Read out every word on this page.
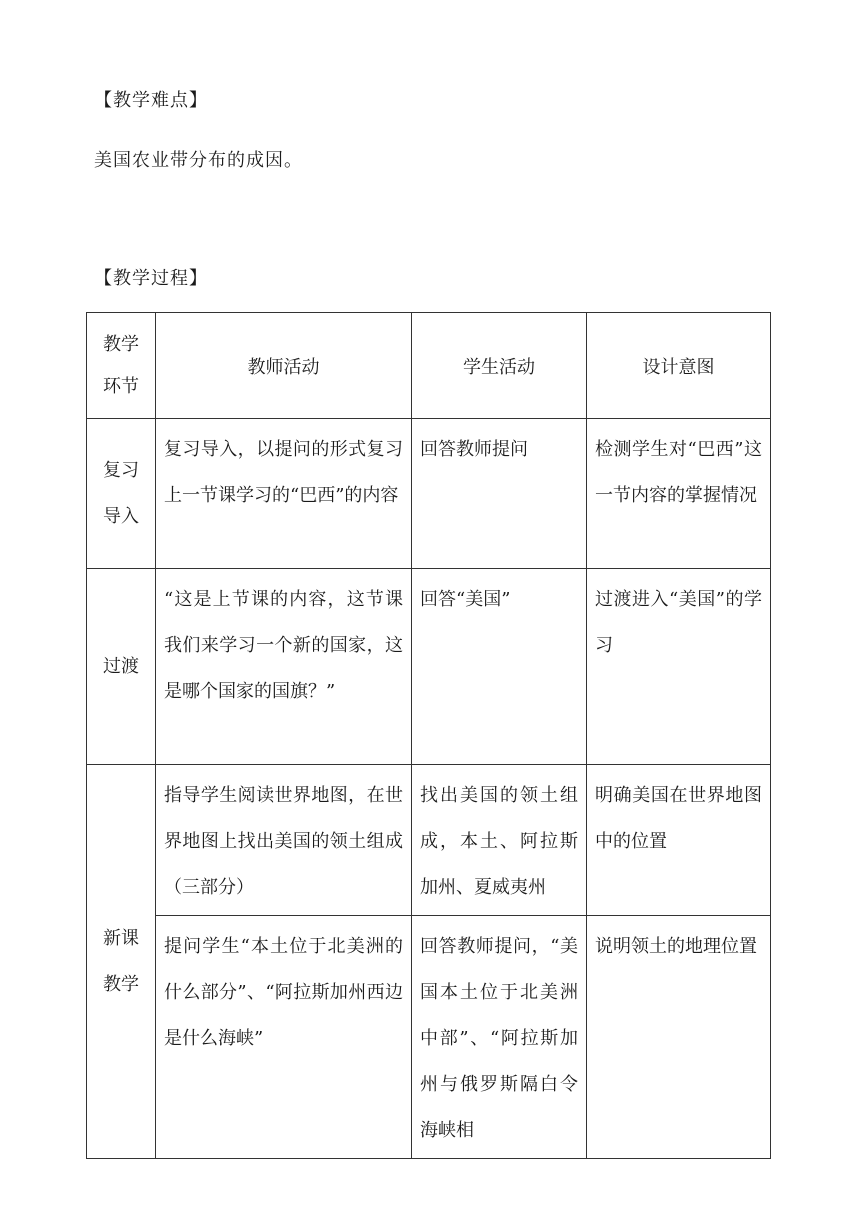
【教学难点】
美国农业带分布的成因。
【教学过程】
教学环节	教师活动	学生活动	设计意图

复习导入	复习导入，以提问的形式复习上一节课学习的“巴西”的内容	回答教师提问	检测学生对“巴西”这一节内容的掌握情况
过渡	“这是上节课的内容，这节课我们来学习一个新的国家，这是哪个国家的国旗？”	回答“美国”	过渡进入“美国”的学习

新课教学	指导学生阅读世界地图，在世界地图上找出美国的领土组成（三部分）	找出美国的领土组成，本土、阿拉斯加州、夏威夷州	明确美国在世界地图中的位置
	提问学生“本土位于北美洲的什么部分”、“阿拉斯加州西边是什么海峡”	回答教师提问，“美国本土位于北美洲中部”、“阿拉斯加州与俄罗斯隔白令海峡相	说明领土的地理位置
